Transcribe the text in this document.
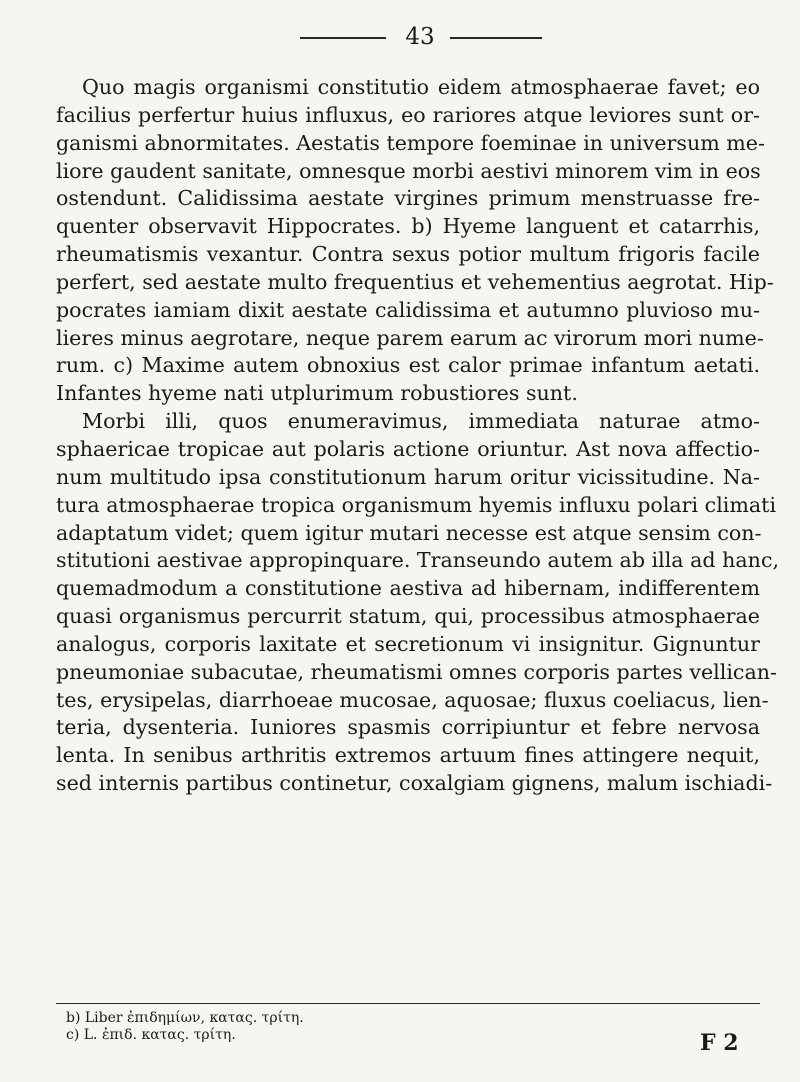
43
Quo magis organismi constitutio eidem atmosphaerae favet; eo
facilius perfertur huius influxus, eo rariores atque leviores sunt or-
ganismi abnormitates. Aestatis tempore foeminae in universum me-
liore gaudent sanitate, omnesque morbi aestivi minorem vim in eos
ostendunt. Calidissima aestate virgines primum menstruasse fre-
quenter observavit Hippocrates. b) Hyeme languent et catarrhis,
rheumatismis vexantur. Contra sexus potior multum frigoris facile
perfert, sed aestate multo frequentius et vehementius aegrotat. Hip-
pocrates iamiam dixit aestate calidissima et autumno pluvioso mu-
lieres minus aegrotare, neque parem earum ac virorum mori nume-
rum. c) Maxime autem obnoxius est calor primae infantum aetati.
Infantes hyeme nati utplurimum robustiores sunt.
Morbi illi, quos enumeravimus, immediata naturae atmo-
sphaericae tropicae aut polaris actione oriuntur. Ast nova affectio-
num multitudo ipsa constitutionum harum oritur vicissitudine. Na-
tura atmosphaerae tropica organismum hyemis influxu polari climati
adaptatum videt; quem igitur mutari necesse est atque sensim con-
stitutioni aestivae appropinquare. Transeundo autem ab illa ad hanc,
quemadmodum a constitutione aestiva ad hibernam, indifferentem
quasi organismus percurrit statum, qui, processibus atmosphaerae
analogus, corporis laxitate et secretionum vi insignitur. Gignuntur
pneumoniae subacutae, rheumatismi omnes corporis partes vellican-
tes, erysipelas, diarrhoeae mucosae, aquosae; fluxus coeliacus, lien-
teria, dysenteria. Iuniores spasmis corripiuntur et febre nervosa
lenta. In senibus arthritis extremos artuum fines attingere nequit,
sed internis partibus continetur, coxalgiam gignens, malum ischiadi-
b) Liber ἐπιδημίων, κατας. τρίτη.
c) L. ἐπιδ. κατας. τρίτη.	F 2
